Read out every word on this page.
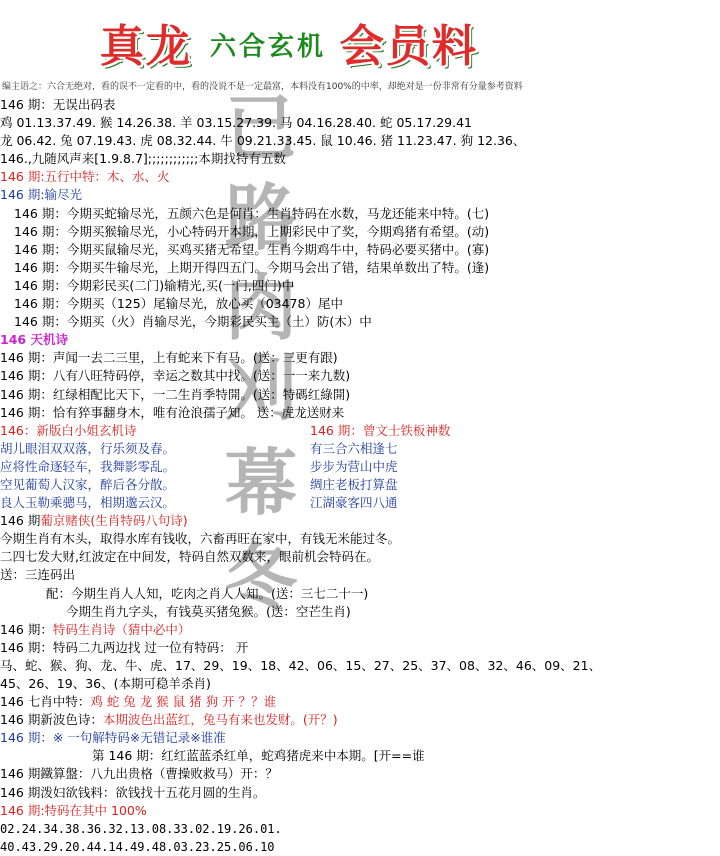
真龙 六合玄机 会员料
编主语之：六合无绝对，看的误不一定看的中，看的没说不是一定最富，本料没有100%的中率，却绝对是一份非常有分量参考资料
已
路
肉
刈
幕
冬
146 期：无误出码表
鸡 01.13.37.49. 猴 14.26.38. 羊 03.15.27.39. 马 04.16.28.40. 蛇 05.17.29.41
龙 06.42. 兔 07.19.43. 虎 08.32.44. 牛 09.21.33.45. 鼠 10.46. 猪 11.23.47. 狗 12.36、
146.,九随风声来[1.9.8.7];;;;;;;;;;;;本期找特有五数
146 期:五行中特：木、水、火
146 期:输尽光
146 期：今期买蛇输尽光，五颜六色是何肖：生肖特码在水数，马龙还能来中特。(七)
146 期：今期买猴输尽光，小心特码开本期，上期彩民中了奖，今期鸡猪有希望。(动)
146 期：今期买鼠输尽光，买鸡买猪无希望。生肖今期鸡牛中，特码必要买猪中。(寡)
146 期：今期买牛输尽光，上期开得四五门。今期马会出了错，结果单数出了特。(逢)
146 期：今期彩民买(二门)输精光,买(一门,四门)中
146 期：今期买（125）尾输尽光，放心买（03478）尾中
146 期：今期买（火）肖输尽光，今期彩民买主（土）防(木）中
146 天机诗
146 期：声闻一去二三里，上有蛇来下有马。(送：三更有跟)
146 期：八有八旺特码停，幸运之数其中找。(送：一一来九数)
146 期：红绿相配比天下，一二生肖季特開。(送：特碼红綠開)
146 期：恰有猝事翻身木，唯有沧浪孺子知。 送：虎龙送财来
146：新版白小姐玄机诗	146 期：曾文士铁板神数
胡儿眼泪双双落，行乐须及春。	有三合六相逢七
应将性命逐轻车，我舞影零乱。	步步为营山中虎
空见葡萄人汉家，醉后各分散。	绸庄老板打算盘
良人玉勒乘骢马，相期邈云汉。	江湖豪客四八通
146 期葡京赌侠(生肖特码八句诗)
今期生肖有木头，取得水库有钱收，六畜再旺在家中，有钱无米能过冬。
二四七发大财,红波定在中间发，特码自然双数来，眼前机会特码在。
送：三连码出
配：今期生肖人人知，吃肉之肖人人知。(送：三七二十一)
今期生肖九字头，有钱莫买猪兔猴。(送：空芒生肖)
146 期：特码生肖诗（猜中必中）
146 期：特码二九两边找 过一位有特码： 开
马、蛇、猴、狗、龙、牛、虎、17、29、19、18、42、06、15、27、25、37、08、32、46、09、21、
45、26、19、36、(本期可稳羊杀肖)
146 七肖中特：鸡 蛇 兔 龙 猴 鼠 猪 狗 开 ？？谁
146 期新波色诗：本期波色出蓝红，兔马有来也发财。(开？)
146 期：※ 一句解特码※无错记录※谁准
第 146 期：红红蓝蓝杀红单，蛇鸡猪虎来中本期。[开==谁
146 期鐵算盤：八九出贵格（曹操败救马）开：？
146 期泼妇欲钱料：欲钱找十五花月圆的生肖。
146 期:特码在其中 100%
02.24.34.38.36.32.13.08.33.02.19.26.01.
40.43.29.20.44.14.49.48.03.23.25.06.10
